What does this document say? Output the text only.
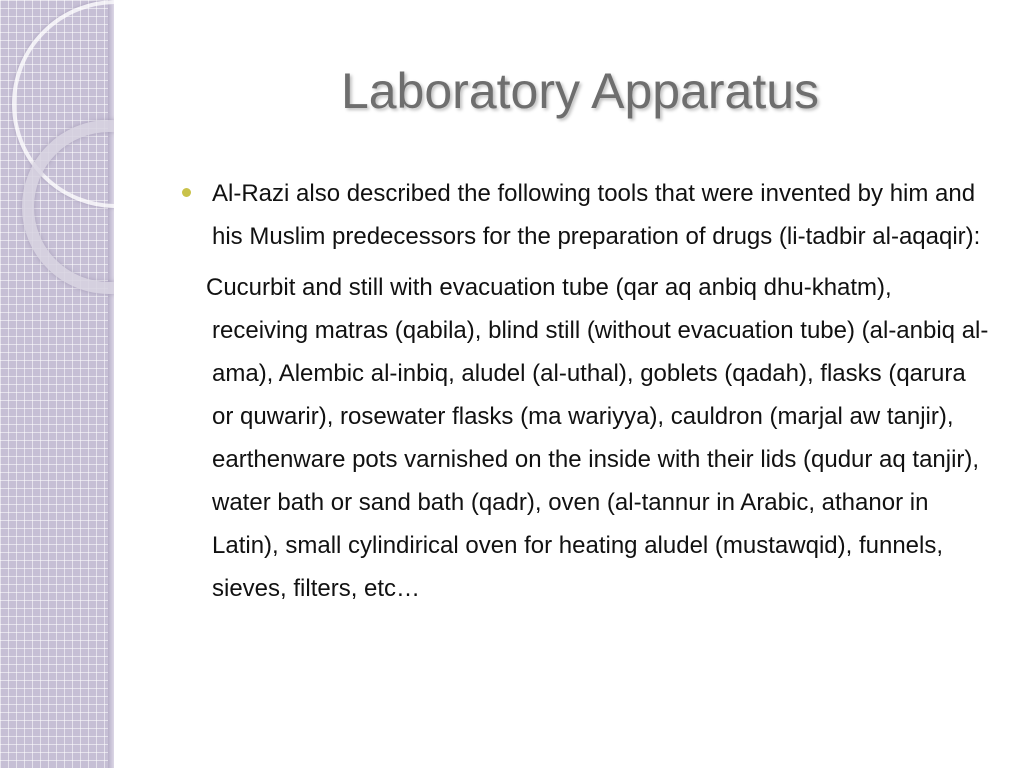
Laboratory Apparatus
Al-Razi also described the following tools that were invented by him and his Muslim predecessors for the preparation of drugs (li-tadbir al-aqaqir):
Cucurbit and still with evacuation tube (qar aq anbiq dhu-khatm), receiving matras (qabila), blind still (without evacuation tube) (al-anbiq al-ama), Alembic al-inbiq, aludel (al-uthal), goblets (qadah), flasks (qarura or quwarir), rosewater flasks (ma wariyya), cauldron (marjal aw tanjir), earthenware pots varnished on the inside with their lids (qudur aq tanjir), water bath or sand bath (qadr), oven (al-tannur in Arabic, athanor in Latin), small cylindirical oven for heating aludel (mustawqid), funnels, sieves, filters, etc…
